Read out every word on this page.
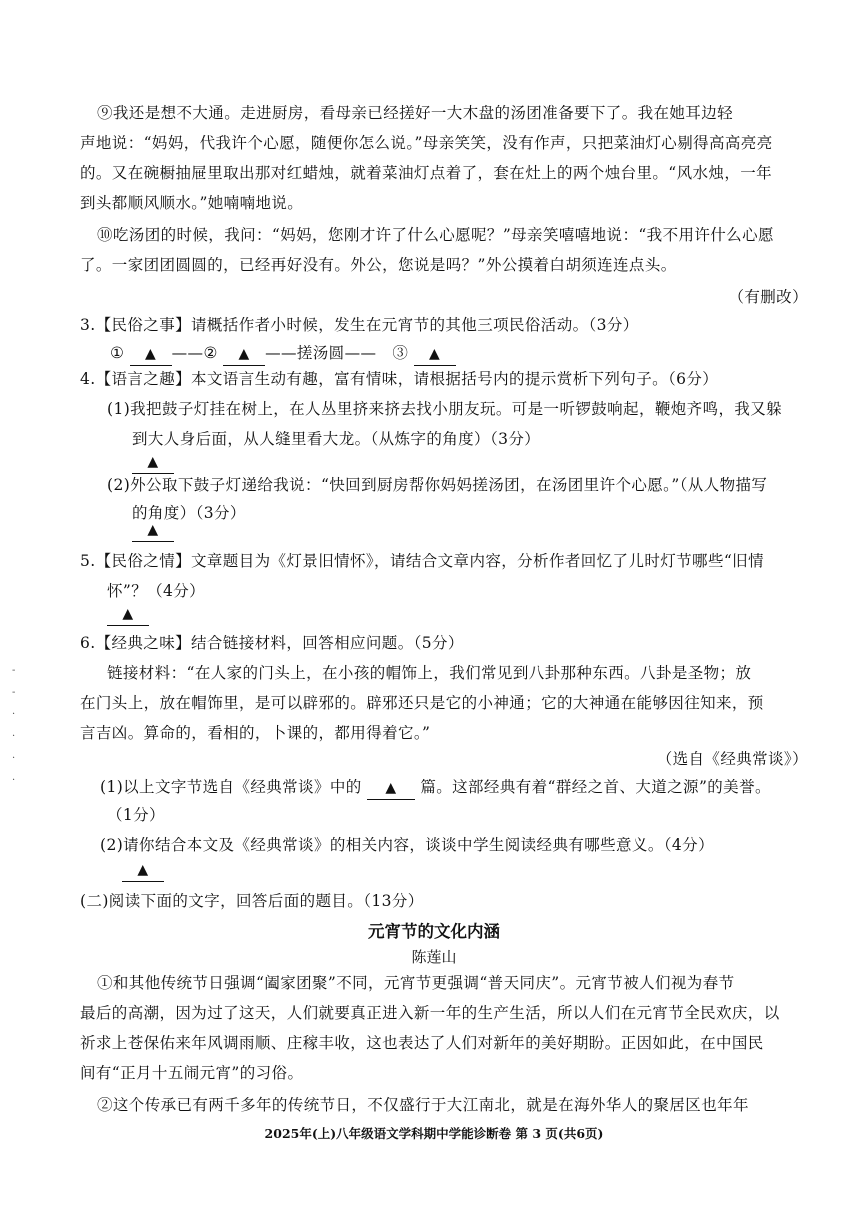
⑨我还是想不大通。走进厨房，看母亲已经搓好一大木盘的汤团准备要下了。我在她耳边轻
声地说：“妈妈，代我许个心愿，随便你怎么说。”母亲笑笑，没有作声，只把菜油灯心剔得高高亮亮
的。又在碗橱抽屉里取出那对红蜡烛，就着菜油灯点着了，套在灶上的两个烛台里。“风水烛，一年
到头都顺风顺水。”她喃喃地说。
⑩吃汤团的时候，我问：“妈妈，您刚才许了什么心愿呢？”母亲笑嘻嘻地说：“我不用许什么心愿
了。一家团团圆圆的，已经再好没有。外公，您说是吗？”外公摸着白胡须连连点头。
（有删改）
3.【民俗之事】请概括作者小时候，发生在元宵节的其他三项民俗活动。（3分）
① ▲ ——② ▲ ——搓汤圆—— ③ ▲
4.【语言之趣】本文语言生动有趣，富有情味，请根据括号内的提示赏析下列句子。（6分）
(1)我把鼓子灯挂在树上，在人丛里挤来挤去找小朋友玩。可是一听锣鼓响起，鞭炮齐鸣，我又躲
到大人身后面，从人缝里看大龙。（从炼字的角度）（3分）
▲
(2)外公取下鼓子灯递给我说：“快回到厨房帮你妈妈搓汤团，在汤团里许个心愿。”（从人物描写
的角度）（3分）
▲
5.【民俗之情】文章题目为《灯景旧情怀》，请结合文章内容，分析作者回忆了儿时灯节哪些“旧情
怀”？（4分）
▲
6.【经典之味】结合链接材料，回答相应问题。（5分）
链接材料：“在人家的门头上，在小孩的帽饰上，我们常见到八卦那种东西。八卦是圣物；放
在门头上，放在帽饰里，是可以辟邪的。辟邪还只是它的小神通；它的大神通在能够因往知来，预
言吉凶。算命的，看相的，卜课的，都用得着它。”
（选自《经典常谈》）
(1)以上文字节选自《经典常谈》中的 ▲ 篇。这部经典有着“群经之首、大道之源”的美誉。
（1分）
(2)请你结合本文及《经典常谈》的相关内容，谈谈中学生阅读经典有哪些意义。（4分）
▲
(二)阅读下面的文字，回答后面的题目。（13分）
元宵节的文化内涵
陈莲山
①和其他传统节日强调“阖家团聚”不同，元宵节更强调“普天同庆”。元宵节被人们视为春节
最后的高潮，因为过了这天，人们就要真正进入新一年的生产生活，所以人们在元宵节全民欢庆，以
祈求上苍保佑来年风调雨顺、庄稼丰收，这也表达了人们对新年的美好期盼。正因如此，在中国民
间有“正月十五闹元宵”的习俗。
②这个传承已有两千多年的传统节日，不仅盛行于大江南北，就是在海外华人的聚居区也年年
2025年(上)八年级语文学科期中学能诊断卷 第 3 页(共6页)
-
-
·
·
·
·
